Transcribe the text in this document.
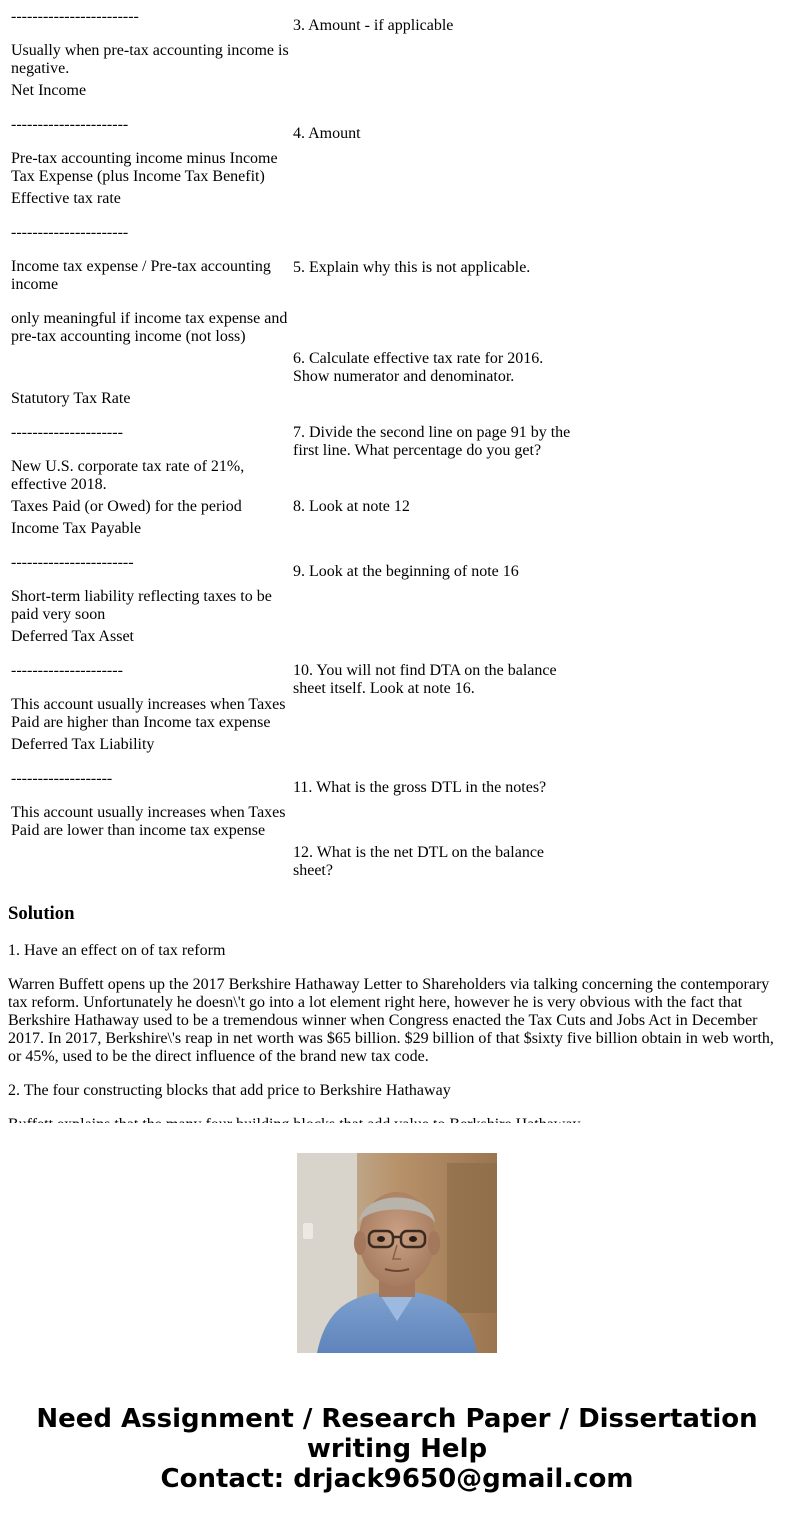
------------------------

Usually when pre-tax accounting income is negative.

Net Income

----------------------

Pre-tax accounting income minus Income Tax Expense (plus Income Tax Benefit)

Effective tax rate

----------------------

Income tax expense / Pre-tax accounting income

only meaningful if income tax expense and pre-tax accounting income (not loss)

Statutory Tax Rate

---------------------

New U.S. corporate tax rate of 21%, effective 2018.

Taxes Paid (or Owed) for the period

Income Tax Payable

-----------------------

Short-term liability reflecting taxes to be paid very soon

Deferred Tax Asset

---------------------

This account usually increases when Taxes Paid are higher than Income tax expense

Deferred Tax Liability

-------------------

This account usually increases when Taxes Paid are lower than income tax expense

3. Amount - if applicable

4. Amount

5. Explain why this is not applicable.

6. Calculate effective tax rate for 2016. Show numerator and denominator.

7. Divide the second line on page 91 by the first line. What percentage do you get?

8. Look at note 12

9. Look at the beginning of note 16

10. You will not find DTA on the balance sheet itself. Look at note 16.

11. What is the gross DTL in the notes?

12. What is the net DTL on the balance sheet?

Solution

1. Have an effect on of tax reform

Warren Buffett opens up the 2017 Berkshire Hathaway Letter to Shareholders via talking concerning the contemporary tax reform. Unfortunately he doesn\'t go into a lot element right here, however he is very obvious with the fact that Berkshire Hathaway used to be a tremendous winner when Congress enacted the Tax Cuts and Jobs Act in December 2017. In 2017, Berkshire\'s reap in net worth was $65 billion. $29 billion of that $sixty five billion obtain in web worth, or 45%, used to be the direct influence of the brand new tax code.

2. The four constructing blocks that add price to Berkshire Hathaway

Need Assignment / Research Paper / Dissertation
writing Help
Contact: drjack9650@gmail.com
